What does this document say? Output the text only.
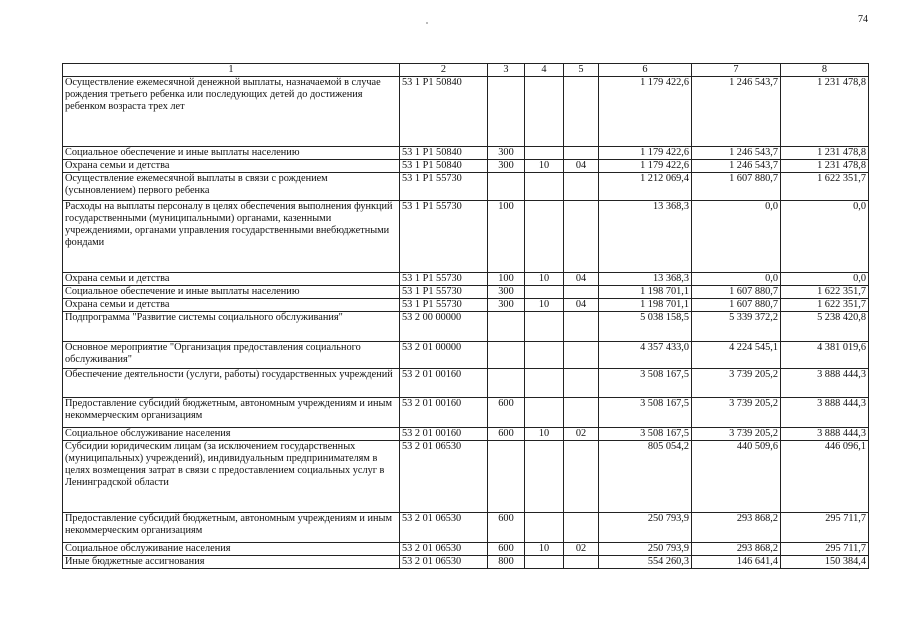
74
1	2	3	4	5	6	7	8
Осуществление ежемесячной денежной выплаты, назначаемой в случае рождения третьего ребенка или последующих детей до достижения ребенком возраста трех лет	53 1 P1 50840				1 179 422,6	1 246 543,7	1 231 478,8
Социальное обеспечение и иные выплаты населению	53 1 P1 50840	300			1 179 422,6	1 246 543,7	1 231 478,8
Охрана семьи и детства	53 1 P1 50840	300	10	04	1 179 422,6	1 246 543,7	1 231 478,8
Осуществление ежемесячной выплаты в связи с рождением (усыновлением) первого ребенка	53 1 P1 55730				1 212 069,4	1 607 880,7	1 622 351,7
Расходы на выплаты персоналу в целях обеспечения выполнения функций государственными (муниципальными) органами, казенными учреждениями, органами управления государственными внебюджетными фондами	53 1 P1 55730	100			13 368,3	0,0	0,0
Охрана семьи и детства	53 1 P1 55730	100	10	04	13 368,3	0,0	0,0
Социальное обеспечение и иные выплаты населению	53 1 P1 55730	300			1 198 701,1	1 607 880,7	1 622 351,7
Охрана семьи и детства	53 1 P1 55730	300	10	04	1 198 701,1	1 607 880,7	1 622 351,7
Подпрограмма "Развитие системы социального обслуживания"	53 2 00 00000				5 038 158,5	5 339 372,2	5 238 420,8
Основное мероприятие "Организация предоставления социального обслуживания"	53 2 01 00000				4 357 433,0	4 224 545,1	4 381 019,6
Обеспечение деятельности (услуги, работы) государственных учреждений	53 2 01 00160				3 508 167,5	3 739 205,2	3 888 444,3
Предоставление субсидий бюджетным, автономным учреждениям и иным некоммерческим организациям	53 2 01 00160	600			3 508 167,5	3 739 205,2	3 888 444,3
Социальное обслуживание населения	53 2 01 00160	600	10	02	3 508 167,5	3 739 205,2	3 888 444,3
Субсидии юридическим лицам (за исключением государственных (муниципальных) учреждений), индивидуальным предпринимателям в целях возмещения затрат в связи с предоставлением социальных услуг в Ленинградской области	53 2 01 06530				805 054,2	440 509,6	446 096,1
Предоставление субсидий бюджетным, автономным учреждениям и иным некоммерческим организациям	53 2 01 06530	600			250 793,9	293 868,2	295 711,7
Социальное обслуживание населения	53 2 01 06530	600	10	02	250 793,9	293 868,2	295 711,7
Иные бюджетные ассигнования	53 2 01 06530	800			554 260,3	146 641,4	150 384,4
